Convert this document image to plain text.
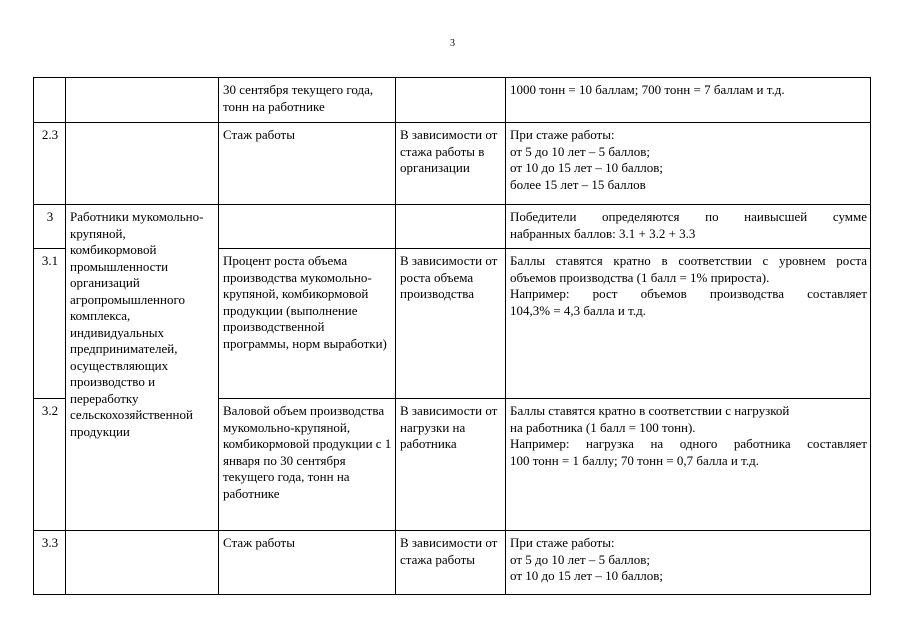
3
		30 сентября текущего года, тонн на работнике		1000 тонн = 10 баллам; 700 тонн = 7 баллам и т.д.

2.3		Стаж работы	В зависимости от стажа работы в организации	При стаже работы:
от 5 до 10 лет – 5 баллов;
от 10 до 15 лет – 10 баллов;
более 15 лет – 15 баллов

3	Работники мукомольно-крупяной, комбикормовой промышленности организаций агропромышленного комплекса, индивидуальных предпринимателей, осуществляющих производство и переработку сельскохозяйственной продукции			Победители определяются по наивысшей сумме
набранных баллов: 3.1 + 3.2 + 3.3

3.1		Процент роста объема производства мукомольно-крупяной, комбикормовой продукции (выполнение производственной программы, норм выработки)	В зависимости от роста объема производства	Баллы ставятся кратно в соответствии с уровнем роста
объемов производства (1 балл = 1% прироста).
Например: рост объемов производства составляет
104,3% = 4,3 балла и т.д.

3.2		Валовой объем производства мукомольно-крупяной, комбикормовой продукции с 1 января по 30 сентября текущего года, тонн на работнике	В зависимости от нагрузки на работника	Баллы ставятся кратно в соответствии с нагрузкой
на работника (1 балл = 100 тонн).
Например: нагрузка на одного работника составляет
100 тонн = 1 баллу; 70 тонн = 0,7 балла и т.д.

3.3		Стаж работы	В зависимости от стажа работы	При стаже работы:
от 5 до 10 лет – 5 баллов;
от 10 до 15 лет – 10 баллов;
